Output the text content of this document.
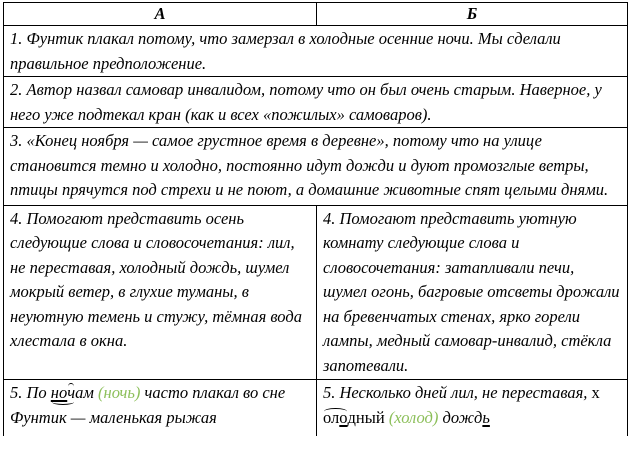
А	Б
1. Фунтик плакал потому, что замерзал в холодные осенние ночи. Мы сделали правильное предположение.	
2. Автор назвал самовар инвалидом, потому что он был очень старым. Наверное, у него уже подтекал кран (как и всех «пожилых» самоваров).	
3. «Конец ноября — самое грустное время в деревне», потому что на улице становится темно и холодно, постоянно идут дожди и дуют промозглые ветры, птицы прячутся под стрехи и не поют, а домашние животные спят целыми днями.	
4. Помогают представить осень следующие слова и словосочетания: лил, не переставая, холодный дождь, шумел мокрый ветер, в глухие туманы, в неуютную темень и стужу, тёмная вода хлестала в окна.	4. Помогают представить уютную комнату следующие слова и словосочетания: затапливали печи, шумел огонь, багровые отсветы дрожали на бревенчатых стенах, ярко горели лампы, медный самовар-инвалид, стёкла запотевали.

5. По ночам (ночь) часто плакал во сне Фунтик — маленькая рыжая	5. Несколько дней лил, не переставая, холодный (холод) дождь
